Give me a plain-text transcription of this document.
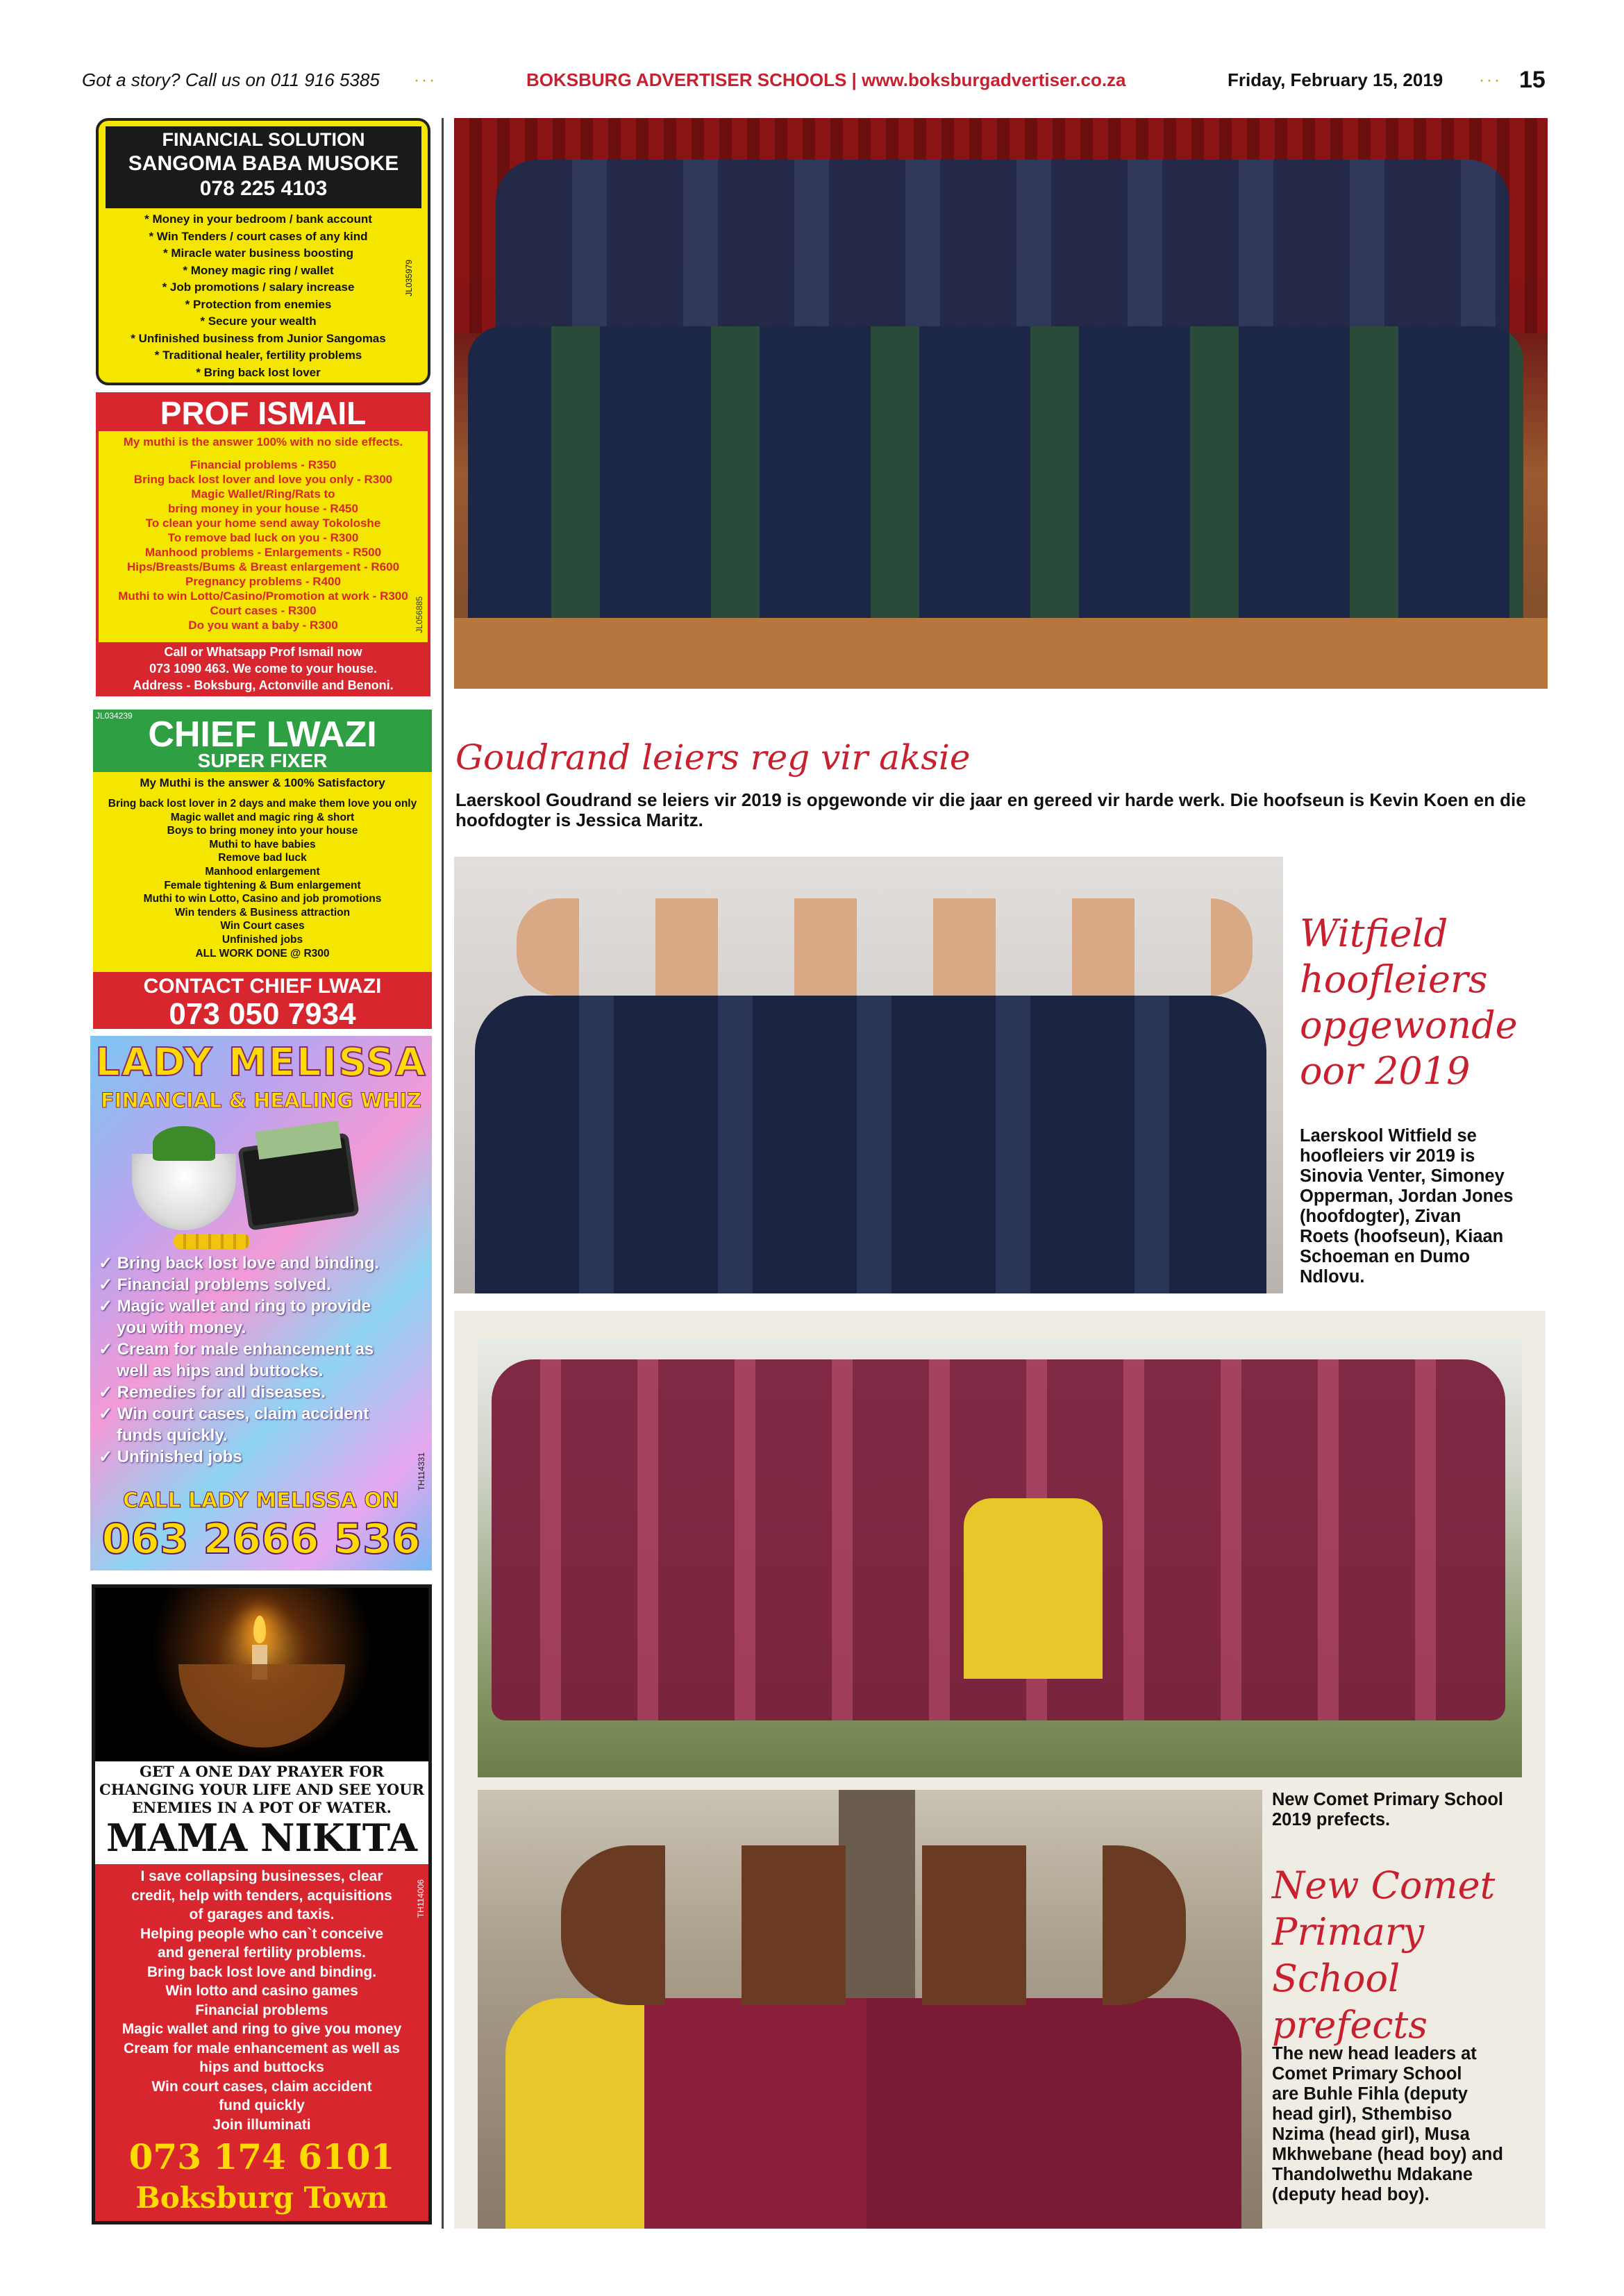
Got a story? Call us on 011 916 5385 ···	BOKSBURG ADVERTISER SCHOOLS | www.boksburgadvertiser.co.za	Friday, February 15, 2019 ··· 15
FINANCIAL SOLUTION
SANGOMA BABA MUSOKE
078 225 4103
* Money in your bedroom / bank account
* Win Tenders / court cases of any kind
* Miracle water business boosting
* Money magic ring / wallet
* Job promotions / salary increase
* Protection from enemies
* Secure your wealth
* Unfinished business from Junior Sangomas
* Traditional healer, fertility problems
* Bring back lost lover
JL035979
PROF ISMAIL
My muthi is the answer 100% with no side effects.
Financial problems - R350
Bring back lost lover and love you only - R300
Magic Wallet/Ring/Rats to
bring money in your house - R450
To clean your home send away Tokoloshe
To remove bad luck on you - R300
Manhood problems - Enlargements - R500
Hips/Breasts/Bums & Breast enlargement - R600
Pregnancy problems - R400
Muthi to win Lotto/Casino/Promotion at work - R300
Court cases - R300
Do you want a baby - R300
Call or Whatsapp Prof Ismail now
073 1090 463. We come to your house.
Address - Boksburg, Actonville and Benoni.
JL056885
JL034239 CHIEF LWAZI
SUPER FIXER
My Muthi is the answer & 100% Satisfactory
Bring back lost lover in 2 days and make them love you only
Magic wallet and magic ring & short
Boys to bring money into your house
Muthi to have babies
Remove bad luck
Manhood enlargement
Female tightening & Bum enlargement
Muthi to win Lotto, Casino and job promotions
Win tenders & Business attraction
Win Court cases
Unfinished jobs
ALL WORK DONE @ R300
CONTACT CHIEF LWAZI
073 050 7934
LADY MELISSA
FINANCIAL & HEALING WHIZ
✓ Bring back lost love and binding.
✓ Financial problems solved.
✓ Magic wallet and ring to provide
you with money.
✓ Cream for male enhancement as
well as hips and buttocks.
✓ Remedies for all diseases.
✓ Win court cases, claim accident
funds quickly.
✓ Unfinished jobs	TH114331
CALL LADY MELISSA ON
063 2666 536
GET A ONE DAY PRAYER FOR
CHANGING YOUR LIFE AND SEE YOUR
ENEMIES IN A POT OF WATER.
MAMA NIKITA
I save collapsing businesses, clear
credit, help with tenders, acquisitions
of garages and taxis.
Helping people who can`t conceive
and general fertility problems.
Bring back lost love and binding.
Win lotto and casino games
Financial problems
Magic wallet and ring to give you money
Cream for male enhancement as well as
hips and buttocks
Win court cases, claim accident
fund quickly
Join illuminati
TH114006
073 174 6101
Boksburg Town
Goudrand leiers reg vir aksie
Laerskool Goudrand se leiers vir 2019 is opgewonde vir die jaar en gereed vir harde werk. Die hoofseun is Kevin Koen en die hoofdogter is Jessica Maritz.
Witfield
hoofleiers
opgewonde
oor 2019
Laerskool Witfield se
hoofleiers vir 2019 is
Sinovia Venter, Simoney
Opperman, Jordan Jones
(hoofdogter), Zivan
Roets (hoofseun), Kiaan
Schoeman en Dumo
Ndlovu.
New Comet Primary School
2019 prefects.
New Comet
Primary
School prefects
The new head leaders at
Comet Primary School
are Buhle Fihla (deputy
head girl), Sthembiso
Nzima (head girl), Musa
Mkhwebane (head boy) and
Thandolwethu Mdakane
(deputy head boy).
